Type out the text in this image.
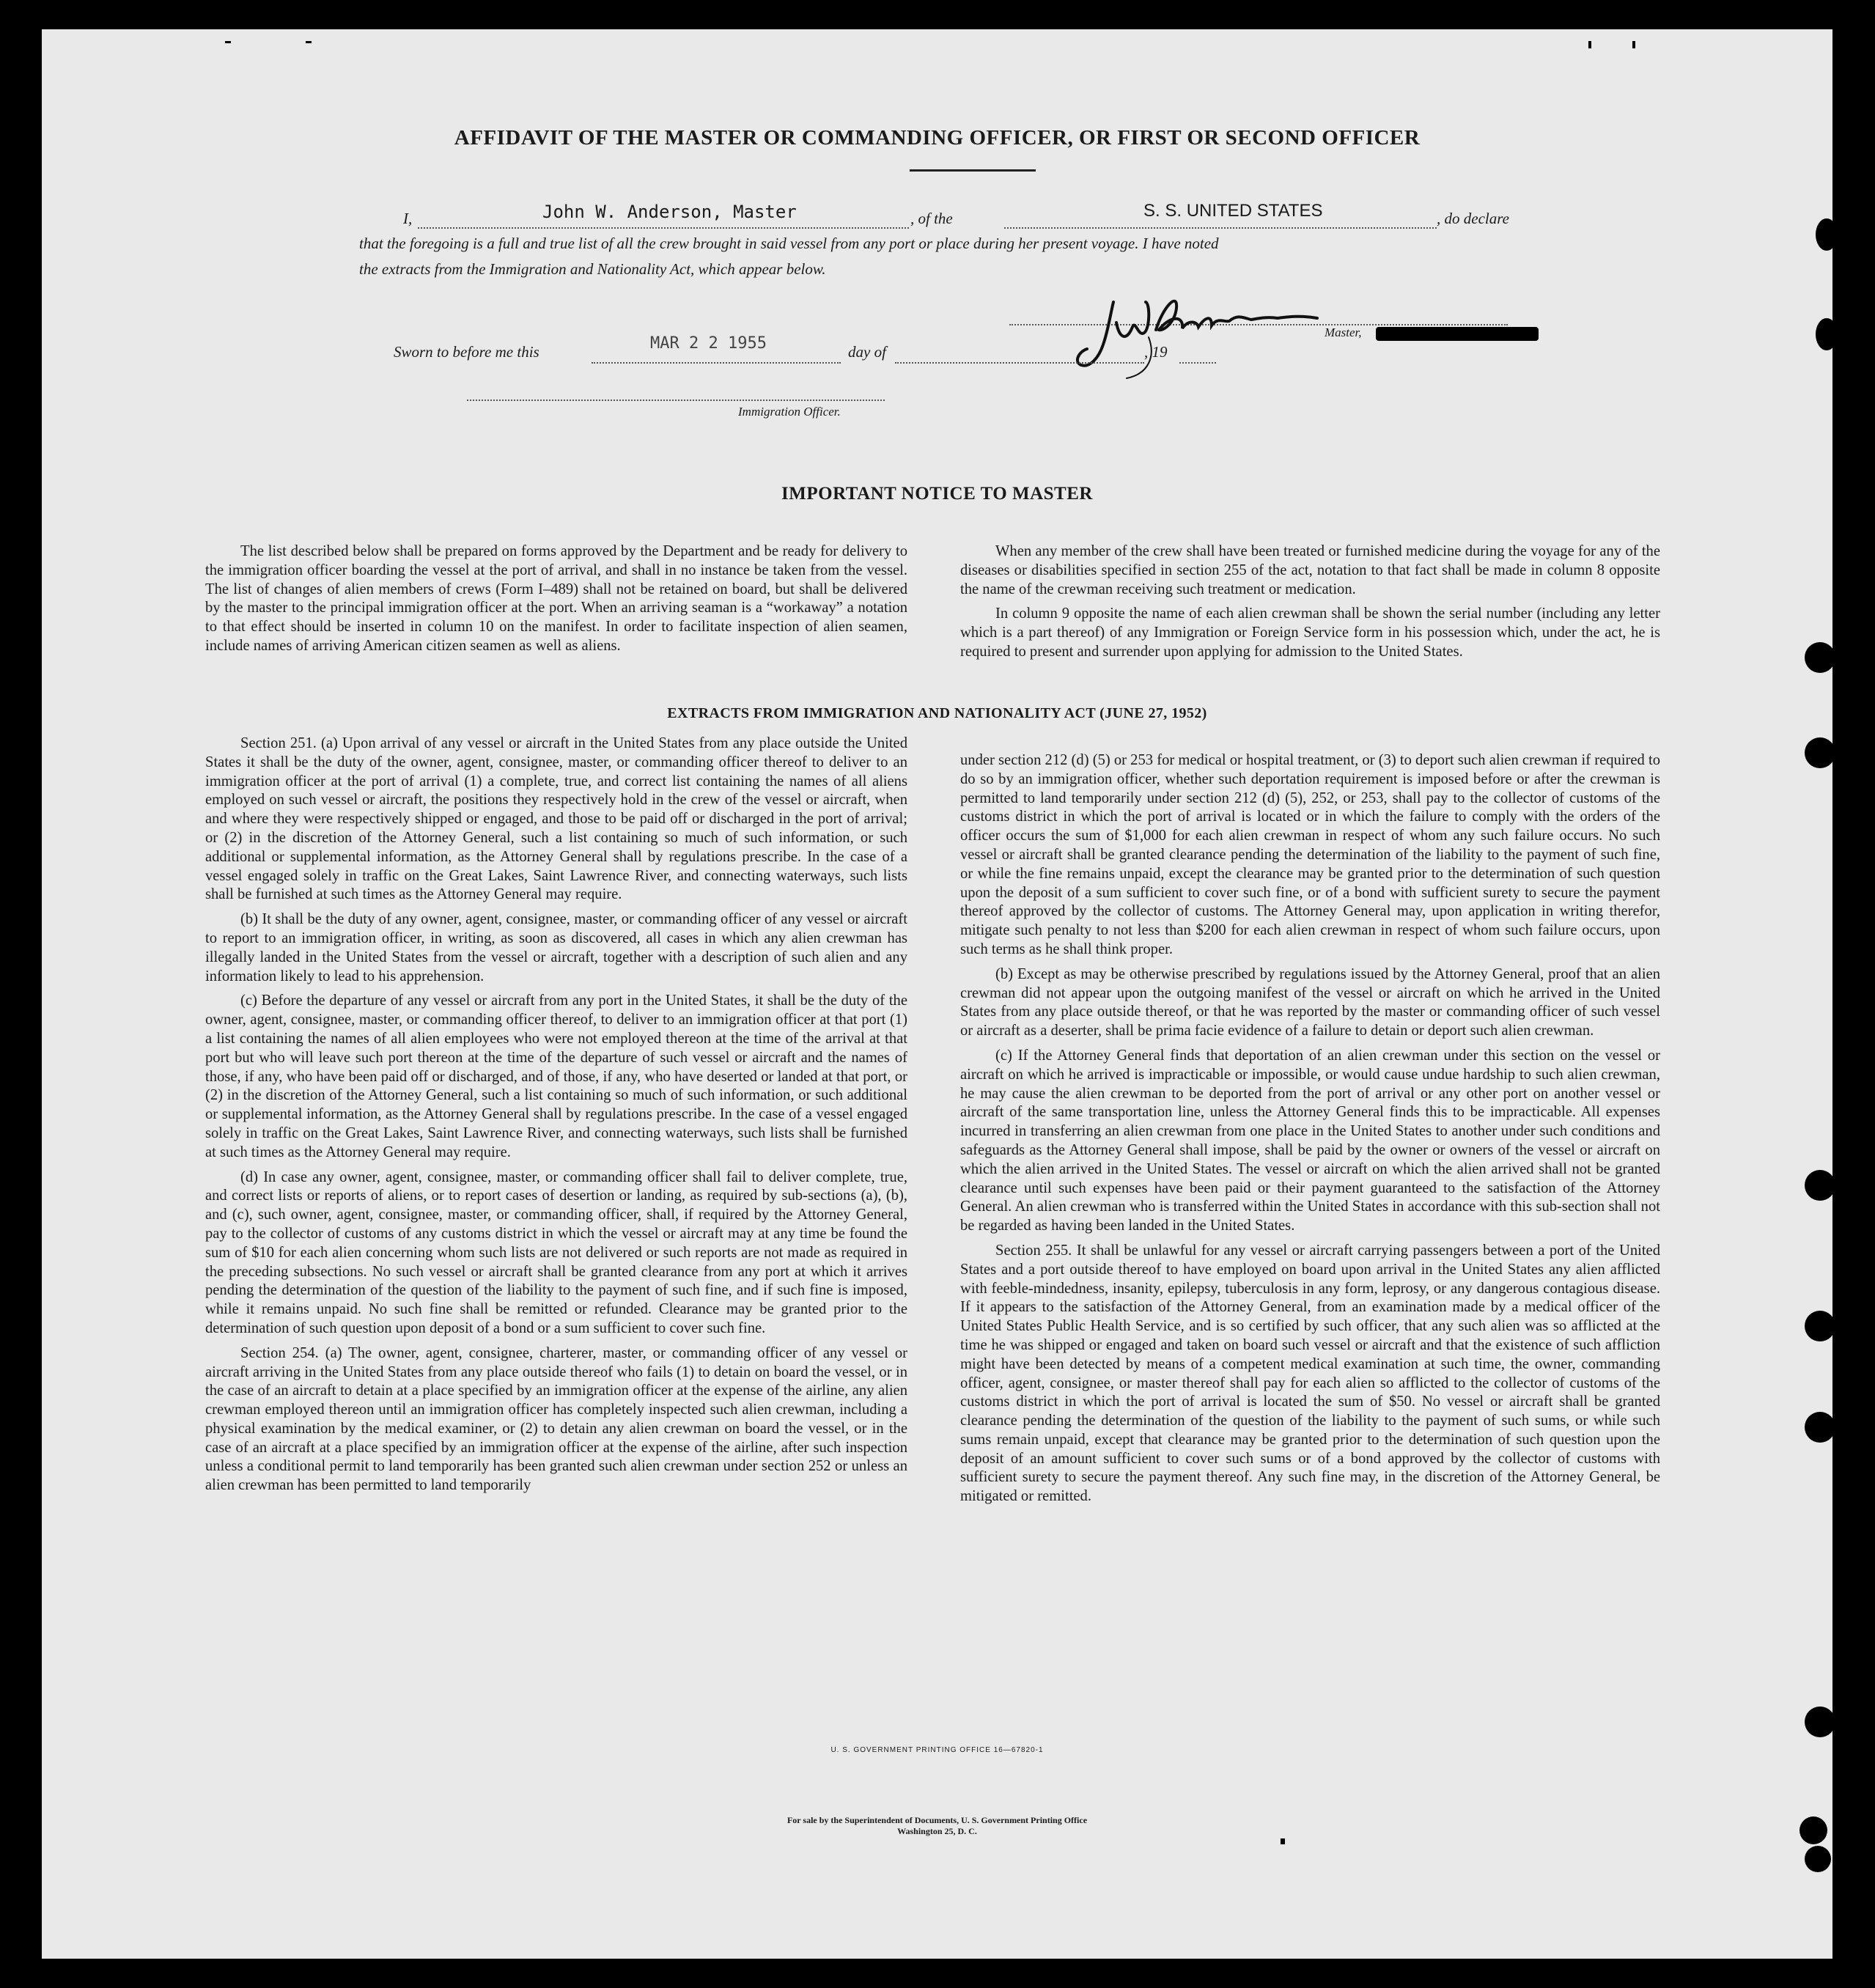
AFFIDAVIT OF THE MASTER OR COMMANDING OFFICER, OR FIRST OR SECOND OFFICER
I,	John W. Anderson, Master	, of the	S. S. UNITED STATES	, do declare
that the foregoing is a full and true list of all the crew brought in said vessel from any port or place during her present voyage. I have noted
the extracts from the Immigration and Nationality Act, which appear below.
Master,
Sworn to before me this	MAR 2 2 1955	day of	, 19
Immigration Officer.
IMPORTANT NOTICE TO MASTER

The list described below shall be prepared on forms approved by the Department and be ready for delivery to the immigration officer boarding the vessel at the port of arrival, and shall in no instance be taken from the vessel. The list of changes of alien members of crews (Form I–489) shall not be retained on board, but shall be delivered by the master to the principal immigration officer at the port. When an arriving seaman is a “workaway” a notation to that effect should be inserted in column 10 on the manifest. In order to facilitate inspection of alien seamen, include names of arriving American citizen seamen as well as aliens.

When any member of the crew shall have been treated or furnished medicine during the voyage for any of the diseases or disabilities specified in section 255 of the act, notation to that fact shall be made in column 8 opposite the name of the crewman receiving such treatment or medication.

In column 9 opposite the name of each alien crewman shall be shown the serial number (including any letter which is a part thereof) of any Immigration or Foreign Service form in his possession which, under the act, he is required to present and surrender upon applying for admission to the United States.

EXTRACTS FROM IMMIGRATION AND NATIONALITY ACT (JUNE 27, 1952)

Section 251. (a) Upon arrival of any vessel or aircraft in the United States from any place outside the United States it shall be the duty of the owner, agent, consignee, master, or commanding officer thereof to deliver to an immigration officer at the port of arrival (1) a complete, true, and correct list containing the names of all aliens employed on such vessel or aircraft, the positions they respectively hold in the crew of the vessel or aircraft, when and where they were respectively shipped or engaged, and those to be paid off or discharged in the port of arrival; or (2) in the discretion of the Attorney General, such a list containing so much of such information, or such additional or supplemental information, as the Attorney General shall by regulations prescribe. In the case of a vessel engaged solely in traffic on the Great Lakes, Saint Lawrence River, and connecting waterways, such lists shall be furnished at such times as the Attorney General may require.

(b) It shall be the duty of any owner, agent, consignee, master, or commanding officer of any vessel or aircraft to report to an immigration officer, in writing, as soon as discovered, all cases in which any alien crewman has illegally landed in the United States from the vessel or aircraft, together with a description of such alien and any information likely to lead to his apprehension.

(c) Before the departure of any vessel or aircraft from any port in the United States, it shall be the duty of the owner, agent, consignee, master, or commanding officer thereof, to deliver to an immigration officer at that port (1) a list containing the names of all alien employees who were not employed thereon at the time of the arrival at that port but who will leave such port thereon at the time of the departure of such vessel or aircraft and the names of those, if any, who have been paid off or discharged, and of those, if any, who have deserted or landed at that port, or (2) in the discretion of the Attorney General, such a list containing so much of such information, or such additional or supplemental information, as the Attorney General shall by regulations prescribe. In the case of a vessel engaged solely in traffic on the Great Lakes, Saint Lawrence River, and connecting waterways, such lists shall be furnished at such times as the Attorney General may require.

(d) In case any owner, agent, consignee, master, or commanding officer shall fail to deliver complete, true, and correct lists or reports of aliens, or to report cases of desertion or landing, as required by sub-sections (a), (b), and (c), such owner, agent, consignee, master, or commanding officer, shall, if required by the Attorney General, pay to the collector of customs of any customs district in which the vessel or aircraft may at any time be found the sum of $10 for each alien concerning whom such lists are not delivered or such reports are not made as required in the preceding subsections. No such vessel or aircraft shall be granted clearance from any port at which it arrives pending the determination of the question of the liability to the payment of such fine, and if such fine is imposed, while it remains unpaid. No such fine shall be remitted or refunded. Clearance may be granted prior to the determination of such question upon deposit of a bond or a sum sufficient to cover such fine.

Section 254. (a) The owner, agent, consignee, charterer, master, or commanding officer of any vessel or aircraft arriving in the United States from any place outside thereof who fails (1) to detain on board the vessel, or in the case of an aircraft to detain at a place specified by an immigration officer at the expense of the airline, any alien crewman employed thereon until an immigration officer has completely inspected such alien crewman, including a physical examination by the medical examiner, or (2) to detain any alien crewman on board the vessel, or in the case of an aircraft at a place specified by an immigration officer at the expense of the airline, after such inspection unless a conditional permit to land temporarily has been granted such alien crewman under section 252 or unless an alien crewman has been permitted to land temporarily

under section 212 (d) (5) or 253 for medical or hospital treatment, or (3) to deport such alien crewman if required to do so by an immigration officer, whether such deportation requirement is imposed before or after the crewman is permitted to land temporarily under section 212 (d) (5), 252, or 253, shall pay to the collector of customs of the customs district in which the port of arrival is located or in which the failure to comply with the orders of the officer occurs the sum of $1,000 for each alien crewman in respect of whom any such failure occurs. No such vessel or aircraft shall be granted clearance pending the determination of the liability to the payment of such fine, or while the fine remains unpaid, except the clearance may be granted prior to the determination of such question upon the deposit of a sum sufficient to cover such fine, or of a bond with sufficient surety to secure the payment thereof approved by the collector of customs. The Attorney General may, upon application in writing therefor, mitigate such penalty to not less than $200 for each alien crewman in respect of whom such failure occurs, upon such terms as he shall think proper.

(b) Except as may be otherwise prescribed by regulations issued by the Attorney General, proof that an alien crewman did not appear upon the outgoing manifest of the vessel or aircraft on which he arrived in the United States from any place outside thereof, or that he was reported by the master or commanding officer of such vessel or aircraft as a deserter, shall be prima facie evidence of a failure to detain or deport such alien crewman.

(c) If the Attorney General finds that deportation of an alien crewman under this section on the vessel or aircraft on which he arrived is impracticable or impossible, or would cause undue hardship to such alien crewman, he may cause the alien crewman to be deported from the port of arrival or any other port on another vessel or aircraft of the same transportation line, unless the Attorney General finds this to be impracticable. All expenses incurred in transferring an alien crewman from one place in the United States to another under such conditions and safeguards as the Attorney General shall impose, shall be paid by the owner or owners of the vessel or aircraft on which the alien arrived in the United States. The vessel or aircraft on which the alien arrived shall not be granted clearance until such expenses have been paid or their payment guaranteed to the satisfaction of the Attorney General. An alien crewman who is transferred within the United States in accordance with this sub-section shall not be regarded as having been landed in the United States.

Section 255. It shall be unlawful for any vessel or aircraft carrying passengers between a port of the United States and a port outside thereof to have employed on board upon arrival in the United States any alien afflicted with feeble-mindedness, insanity, epilepsy, tuberculosis in any form, leprosy, or any dangerous contagious disease. If it appears to the satisfaction of the Attorney General, from an examination made by a medical officer of the United States Public Health Service, and is so certified by such officer, that any such alien was so afflicted at the time he was shipped or engaged and taken on board such vessel or aircraft and that the existence of such affliction might have been detected by means of a competent medical examination at such time, the owner, commanding officer, agent, consignee, or master thereof shall pay for each alien so afflicted to the collector of customs of the customs district in which the port of arrival is located the sum of $50. No vessel or aircraft shall be granted clearance pending the determination of the question of the liability to the payment of such sums, or while such sums remain unpaid, except that clearance may be granted prior to the determination of such question upon the deposit of an amount sufficient to cover such sums or of a bond approved by the collector of customs with sufficient surety to secure the payment thereof. Any such fine may, in the discretion of the Attorney General, be mitigated or remitted.

U. S. GOVERNMENT PRINTING OFFICE 16—67820-1
For sale by the Superintendent of Documents, U. S. Government Printing Office
Washington 25, D. C.
